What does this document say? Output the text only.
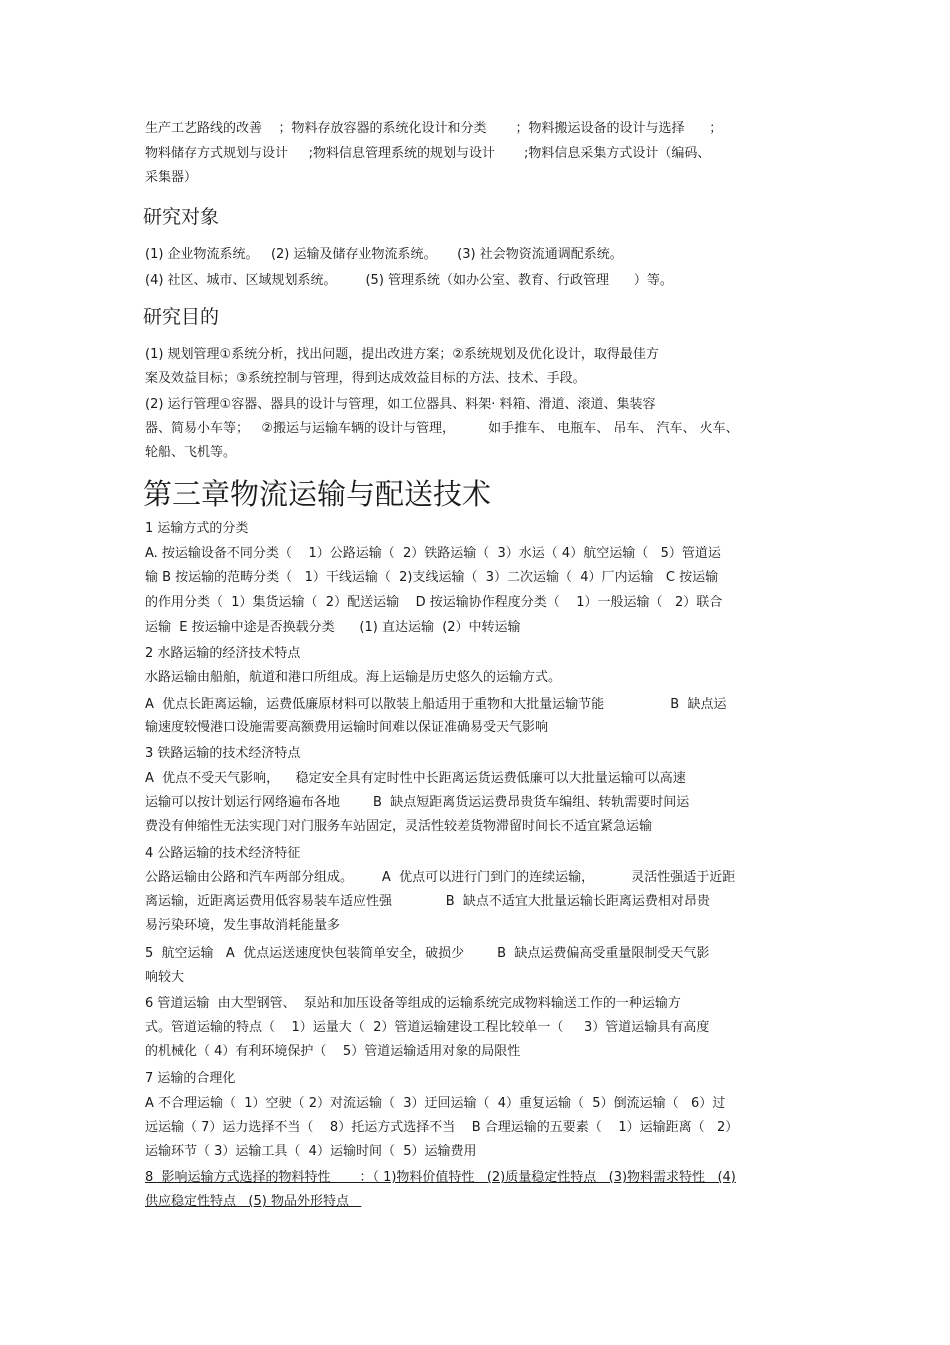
生产工艺路线的改善    ；物料存放容器的系统化设计和分类       ；物料搬运设备的设计与选择      ；
物料储存方式规划与设计     ;物料信息管理系统的规划与设计       ;物料信息采集方式设计（编码、
采集器）
研究对象
(1) 企业物流系统。   (2) 运输及储存业物流系统。     (3) 社会物资流通调配系统。
(4) 社区、城市、区域规划系统。       (5) 管理系统（如办公室、教育、行政管理      ）等。
研究目的
(1) 规划管理①系统分析，找出问题，提出改进方案；②系统规划及优化设计，取得最佳方
案及效益目标；③系统控制与管理，得到达成效益目标的方法、技术、手段。
(2) 运行管理①容器、器具的设计与管理，如工位器具、料架· 料箱、滑道、滚道、集装容
器、简易小车等；   ②搬运与运输车辆的设计与管理，        如手推车、 电瓶车、 吊车、 汽车、 火车、
轮船、飞机等。
第三章物流运输与配送技术
1 运输方式的分类
A. 按运输设备不同分类（    1）公路运输（  2）铁路运输（  3）水运（ 4）航空运输（   5）管道运
输 B 按运输的范畴分类（   1）干线运输（  2)支线运输（  3）二次运输（  4）厂内运输   C 按运输
的作用分类（  1）集货运输（  2）配送运输    D 按运输协作程度分类（    1）一般运输（   2）联合
运输  E 按运输中途是否换载分类      (1) 直达运输  (2）中转运输
2 水路运输的经济技术特点
水路运输由船舶，航道和港口所组成。海上运输是历史悠久的运输方式。
A  优点长距离运输，运费低廉原材料可以散装上船适用于重物和大批量运输节能                B  缺点运
输速度较慢港口设施需要高额费用运输时间难以保证准确易受天气影响
3 铁路运输的技术经济特点
A  优点不受天气影响，    稳定安全具有定时性中长距离运货运费低廉可以大批量运输可以高速
运输可以按计划运行网络遍布各地        B  缺点短距离货运运费昂贵货车编组、转轨需要时间运
费没有伸缩性无法实现门对门服务车站固定，灵活性较差货物滞留时间长不适宜紧急运输
4 公路运输的技术经济特征
公路运输由公路和汽车两部分组成。       A  优点可以进行门到门的连续运输，         灵活性强适于近距
离运输，近距离运费用低容易装车适应性强             B  缺点不适宜大批量运输长距离运费相对昂贵
易污染环境，发生事故消耗能量多
5  航空运输   A  优点运送速度快包装简单安全，破损少        B  缺点运费偏高受重量限制受天气影
响较大
6 管道运输  由大型钢管、  泵站和加压设备等组成的运输系统完成物料输送工作的一种运输方
式。管道运输的特点（    1）运量大（  2）管道运输建设工程比较单一（     3）管道运输具有高度
的机械化（ 4）有利环境保护（    5）管道运输适用对象的局限性
7 运输的合理化
A 不合理运输（  1）空驶（ 2）对流运输（  3）迂回运输（  4）重复运输（  5）倒流运输（   6）过
远运输（ 7）运力选择不当（    8）托运方式选择不当    B 合理运输的五要素（    1）运输距离（   2）
运输环节（ 3）运输工具（  4）运输时间（  5）运输费用
8  影响运输方式选择的物料特性       ：（ 1)物料价值特性   (2)质量稳定性特点   (3)物料需求特性   (4)
供应稳定性特点   (5) 物品外形特点
